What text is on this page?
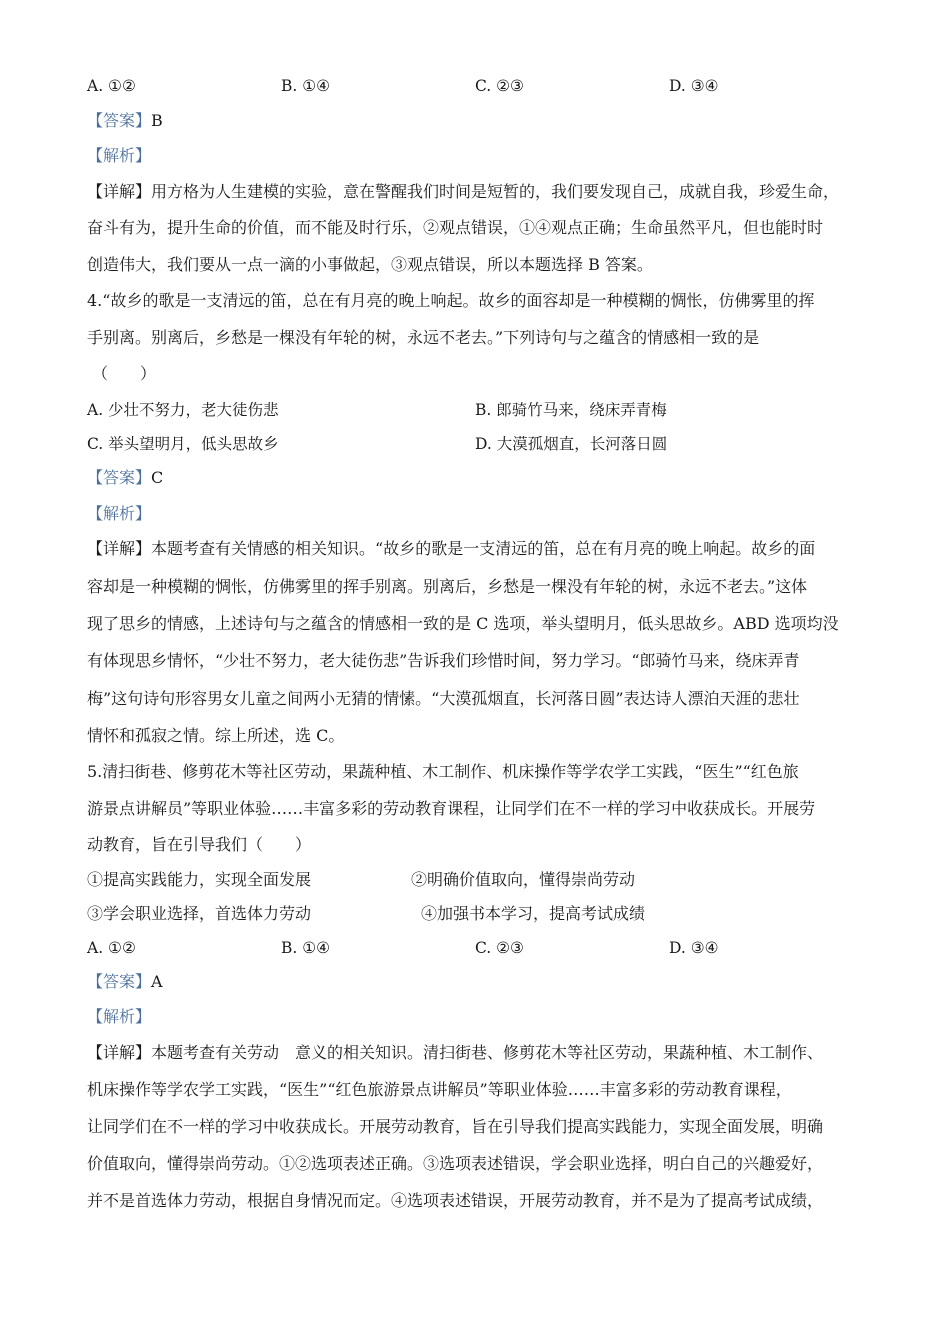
A. ①②	B. ①④	C. ②③	D. ③④
【答案】B
【解析】
【详解】用方格为人生建模的实验，意在警醒我们时间是短暂的，我们要发现自己，成就自我，珍爱生命，
奋斗有为，提升生命的价值，而不能及时行乐，②观点错误，①④观点正确；生命虽然平凡，但也能时时
创造伟大，我们要从一点一滴的小事做起，③观点错误，所以本题选择 B 答案。
4.“故乡的歌是一支清远的笛，总在有月亮的晚上响起。故乡的面容却是一种模糊的惆怅，仿佛雾里的挥
手别离。别离后，乡愁是一棵没有年轮的树，永远不老去。”下列诗句与之蕴含的情感相一致的是
（　　）
A. 少壮不努力，老大徒伤悲	B. 郎骑竹马来，绕床弄青梅
C. 举头望明月，低头思故乡	D. 大漠孤烟直，长河落日圆
【答案】C
【解析】
【详解】本题考查有关情感的相关知识。“故乡的歌是一支清远的笛，总在有月亮的晚上响起。故乡的面
容却是一种模糊的惆怅，仿佛雾里的挥手别离。别离后，乡愁是一棵没有年轮的树，永远不老去。”这体
现了思乡的情感，上述诗句与之蕴含的情感相一致的是 C 选项，举头望明月，低头思故乡。ABD 选项均没
有体现思乡情怀，“少壮不努力，老大徒伤悲”告诉我们珍惜时间，努力学习。“郎骑竹马来，绕床弄青
梅”这句诗句形容男女儿童之间两小无猜的情愫。“大漠孤烟直，长河落日圆”表达诗人漂泊天涯的悲壮
情怀和孤寂之情。综上所述，选 C。
5.清扫街巷、修剪花木等社区劳动，果蔬种植、木工制作、机床操作等学农学工实践，“医生”“红色旅
游景点讲解员”等职业体验……丰富多彩的劳动教育课程，让同学们在不一样的学习中收获成长。开展劳
动教育，旨在引导我们（　　）
①提高实践能力，实现全面发展	②明确价值取向，懂得崇尚劳动
③学会职业选择，首选体力劳动	④加强书本学习，提高考试成绩
A. ①②	B. ①④	C. ②③	D. ③④
【答案】A
【解析】
【详解】本题考查有关劳动　意义的相关知识。清扫街巷、修剪花木等社区劳动，果蔬种植、木工制作、
机床操作等学农学工实践，“医生”“红色旅游景点讲解员”等职业体验……丰富多彩的劳动教育课程，
让同学们在不一样的学习中收获成长。开展劳动教育，旨在引导我们提高实践能力，实现全面发展，明确
价值取向，懂得崇尚劳动。①②选项表述正确。③选项表述错误，学会职业选择，明白自己的兴趣爱好，
并不是首选体力劳动，根据自身情况而定。④选项表述错误，开展劳动教育，并不是为了提高考试成绩，
